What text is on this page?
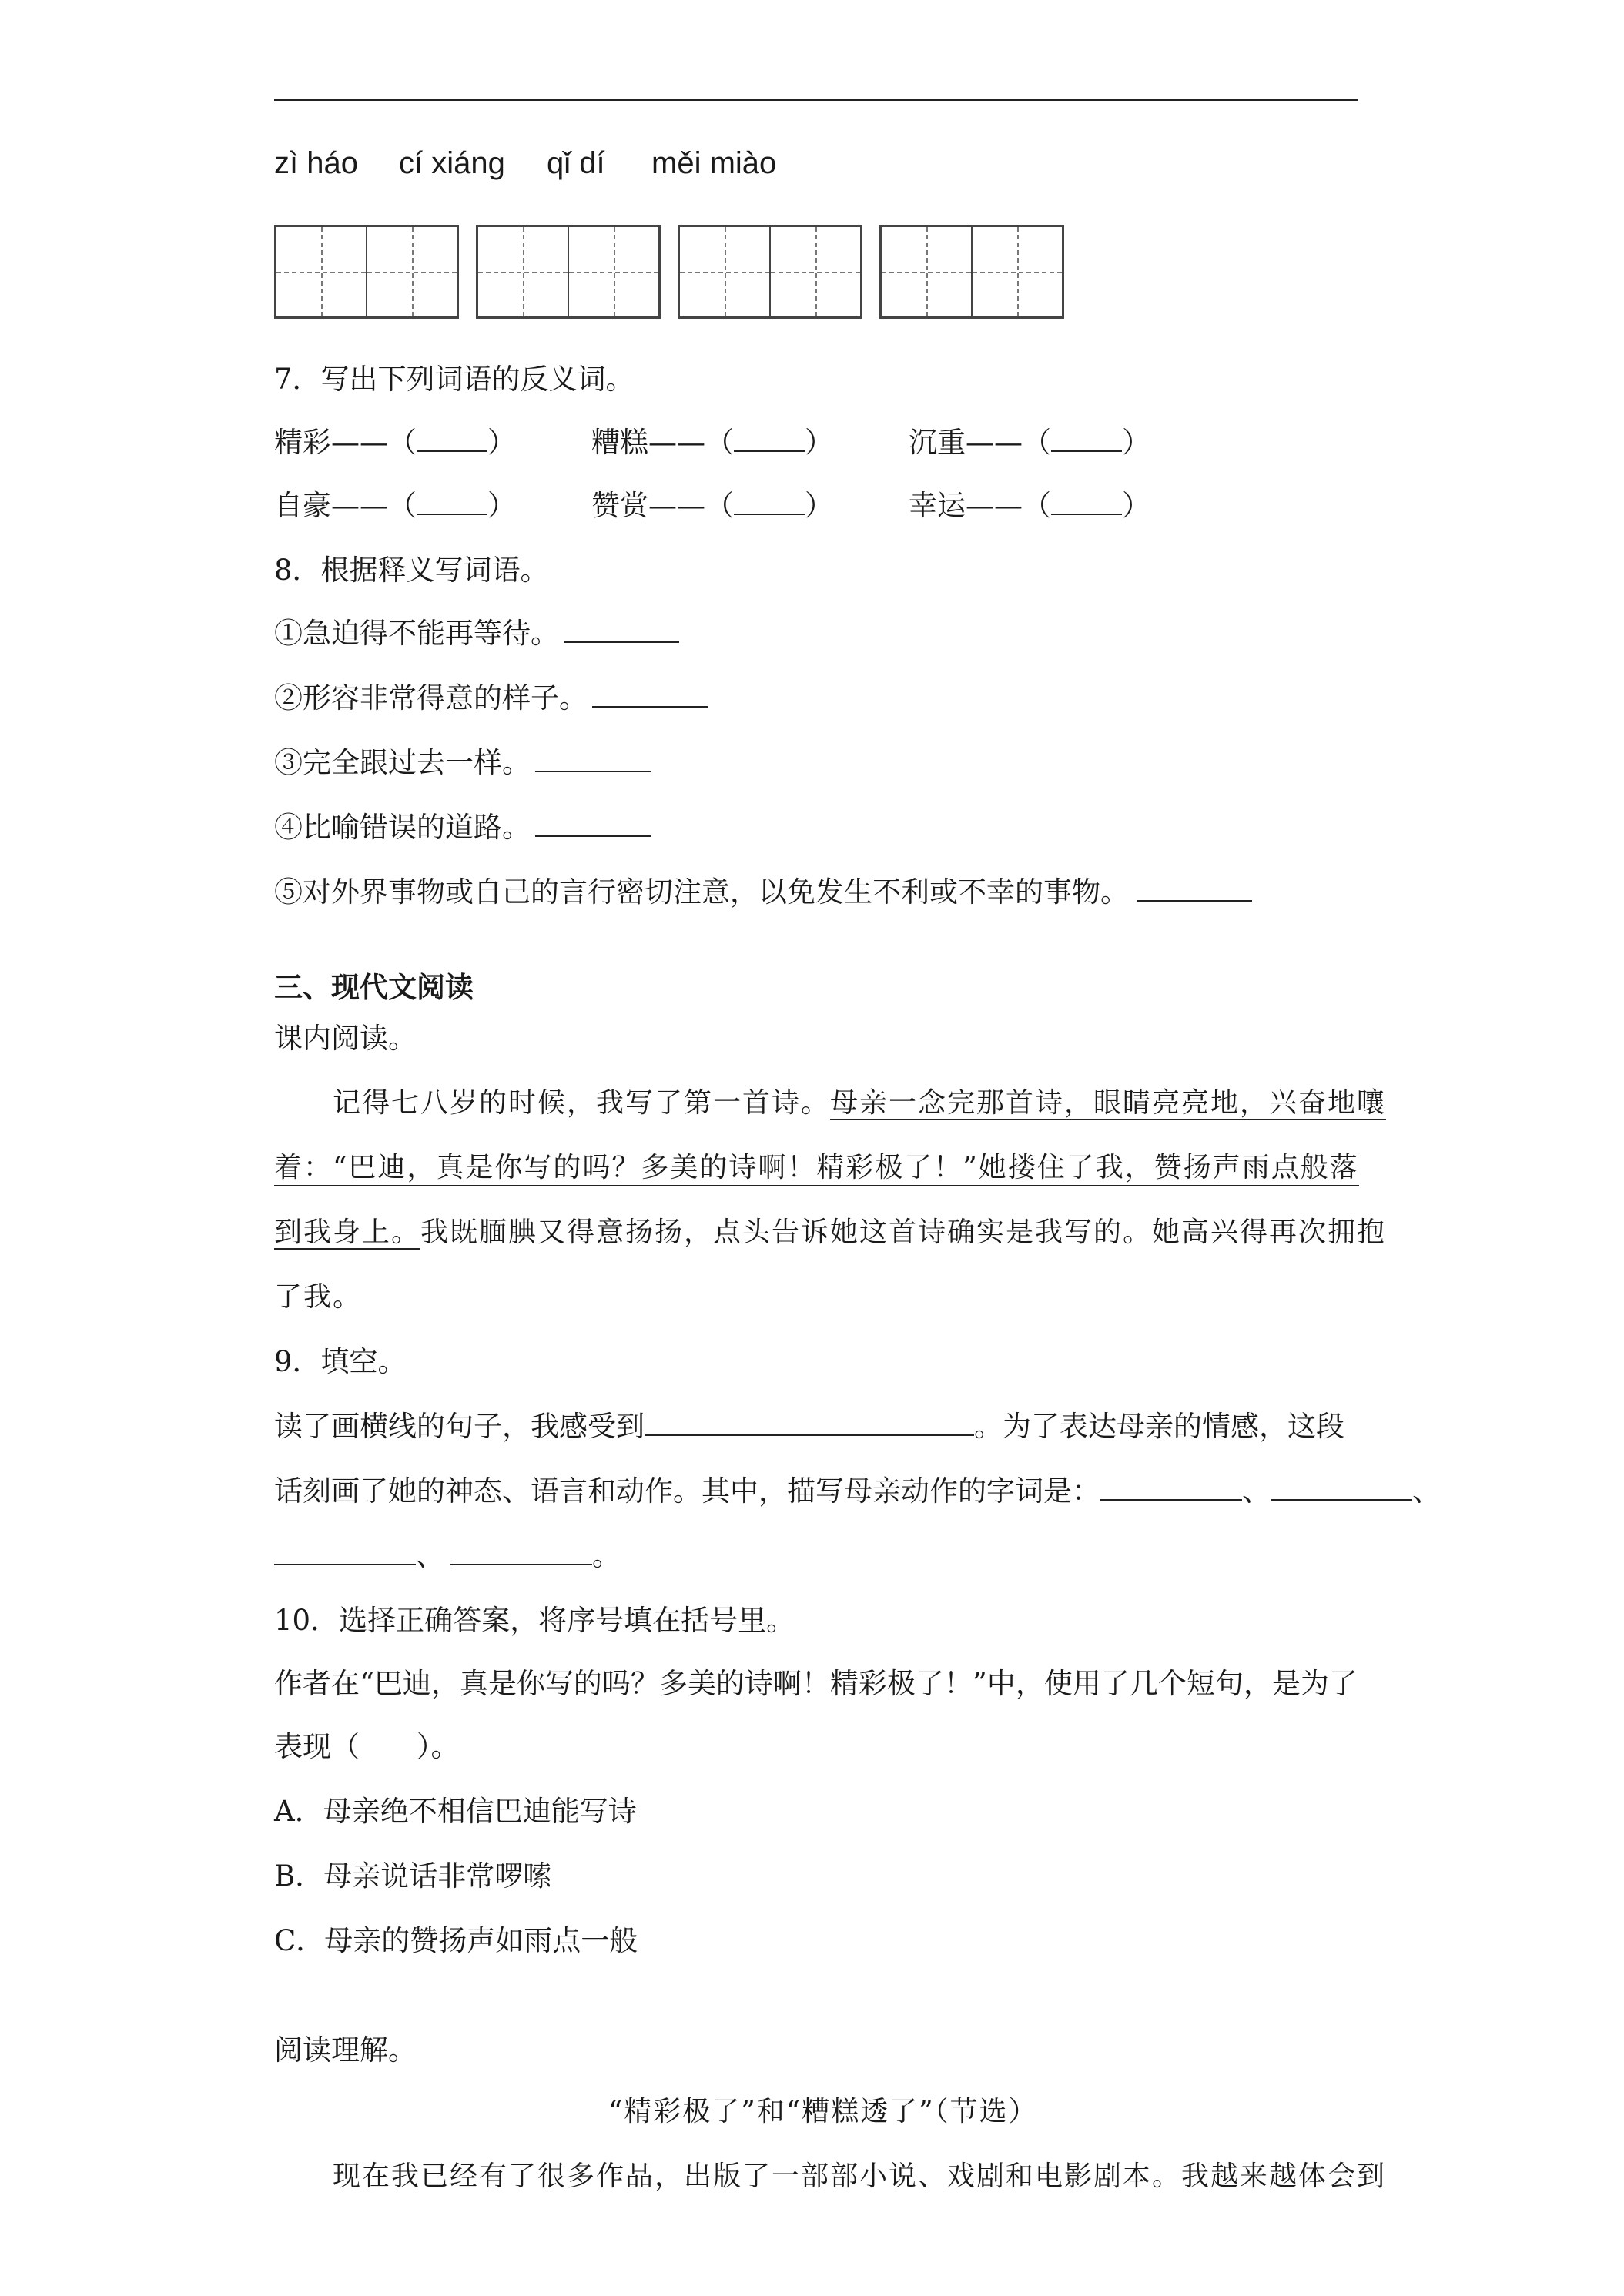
zì háo cí xiáng qǐ dí měi miào
7．写出下列词语的反义词。
精彩——（ ）	糟糕——（ ）	沉重——（ ）
自豪——（ ）	赞赏——（ ）	幸运——（ ）
8．根据释义写词语。
①急迫得不能再等待。
②形容非常得意的样子。
③完全跟过去一样。
④比喻错误的道路。
⑤对外界事物或自己的言行密切注意，以免发生不利或不幸的事物。
三、现代文阅读
课内阅读。
记得七八岁的时候，我写了第一首诗。母亲一念完那首诗，眼睛亮亮地，兴奋地嚷
着：“巴迪，真是你写的吗？多美的诗啊！精彩极了！”她搂住了我，赞扬声雨点般落
到我身上。我既腼腆又得意扬扬，点头告诉她这首诗确实是我写的。她高兴得再次拥抱
了我。
9．填空。
读了画横线的句子，我感受到	。为了表达母亲的情感，这段
话刻画了她的神态、语言和动作。其中，描写母亲动作的字词是：	、	、
、	。
10．选择正确答案，将序号填在括号里。
作者在“巴迪，真是你写的吗？多美的诗啊！精彩极了！”中，使用了几个短句，是为了
表现（　　）。
A．母亲绝不相信巴迪能写诗
B．母亲说话非常啰嗦
C．母亲的赞扬声如雨点一般
阅读理解。
“精彩极了”和“糟糕透了”（节选）
现在我已经有了很多作品，出版了一部部小说、戏剧和电影剧本。我越来越体会到
